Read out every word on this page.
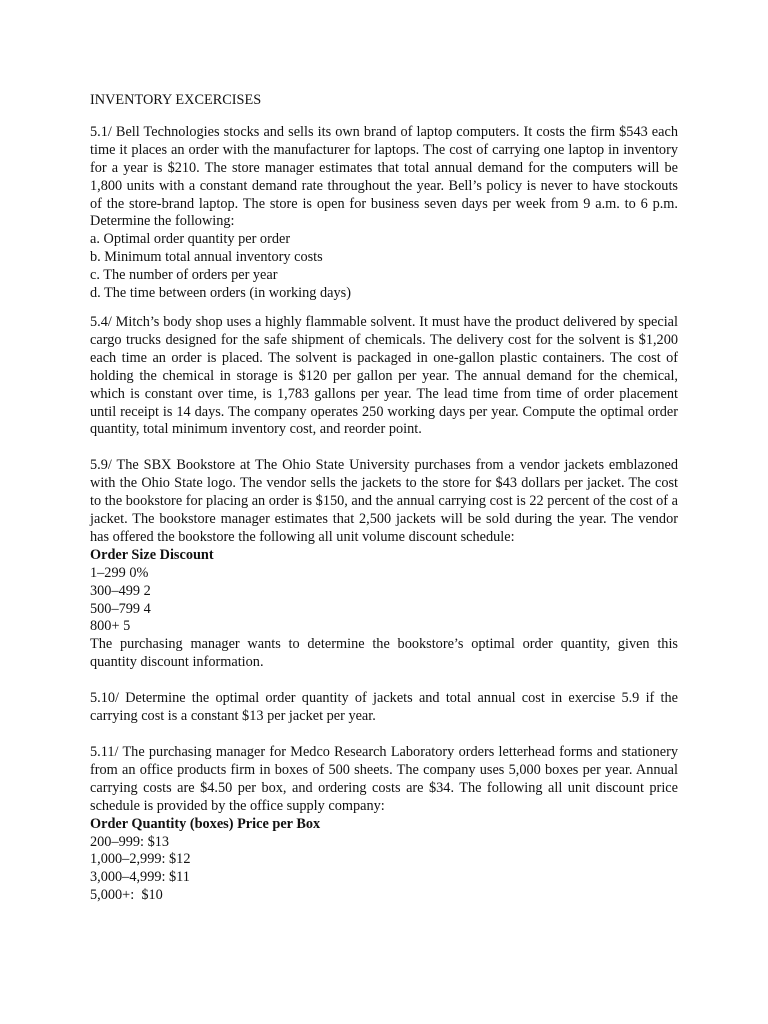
INVENTORY EXCERCISES
5.1/ Bell Technologies stocks and sells its own brand of laptop computers. It costs the firm $543 each time it places an order with the manufacturer for laptops. The cost of carrying one laptop in inventory for a year is $210. The store manager estimates that total annual demand for the computers will be 1,800 units with a constant demand rate throughout the year. Bell’s policy is never to have stockouts of the store-brand laptop. The store is open for business seven days per week from 9 a.m. to 6 p.m. Determine the following:
a. Optimal order quantity per order
b. Minimum total annual inventory costs
c. The number of orders per year
d. The time between orders (in working days)
5.4/ Mitch’s body shop uses a highly flammable solvent. It must have the product delivered by special cargo trucks designed for the safe shipment of chemicals. The delivery cost for the solvent is $1,200 each time an order is placed. The solvent is packaged in one-gallon plastic containers. The cost of holding the chemical in storage is $120 per gallon per year. The annual demand for the chemical, which is constant over time, is 1,783 gallons per year. The lead time from time of order placement until receipt is 14 days. The company operates 250 working days per year. Compute the optimal order quantity, total minimum inventory cost, and reorder point.
5.9/ The SBX Bookstore at The Ohio State University purchases from a vendor jackets emblazoned with the Ohio State logo. The vendor sells the jackets to the store for $43 dollars per jacket. The cost to the bookstore for placing an order is $150, and the annual carrying cost is 22 percent of the cost of a jacket. The bookstore manager estimates that 2,500 jackets will be sold during the year. The vendor has offered the bookstore the following all unit volume discount schedule:
Order Size Discount
1–299 0%
300–499 2
500–799 4
800+ 5
The purchasing manager wants to determine the bookstore’s optimal order quantity, given this quantity discount information.
5.10/ Determine the optimal order quantity of jackets and total annual cost in exercise 5.9 if the carrying cost is a constant $13 per jacket per year.
5.11/ The purchasing manager for Medco Research Laboratory orders letterhead forms and stationery from an office products firm in boxes of 500 sheets. The company uses 5,000 boxes per year. Annual carrying costs are $4.50 per box, and ordering costs are $34. The following all unit discount price schedule is provided by the office supply company:
Order Quantity (boxes) Price per Box
200–999: $13
1,000–2,999: $12
3,000–4,999: $11
5,000+:  $10
